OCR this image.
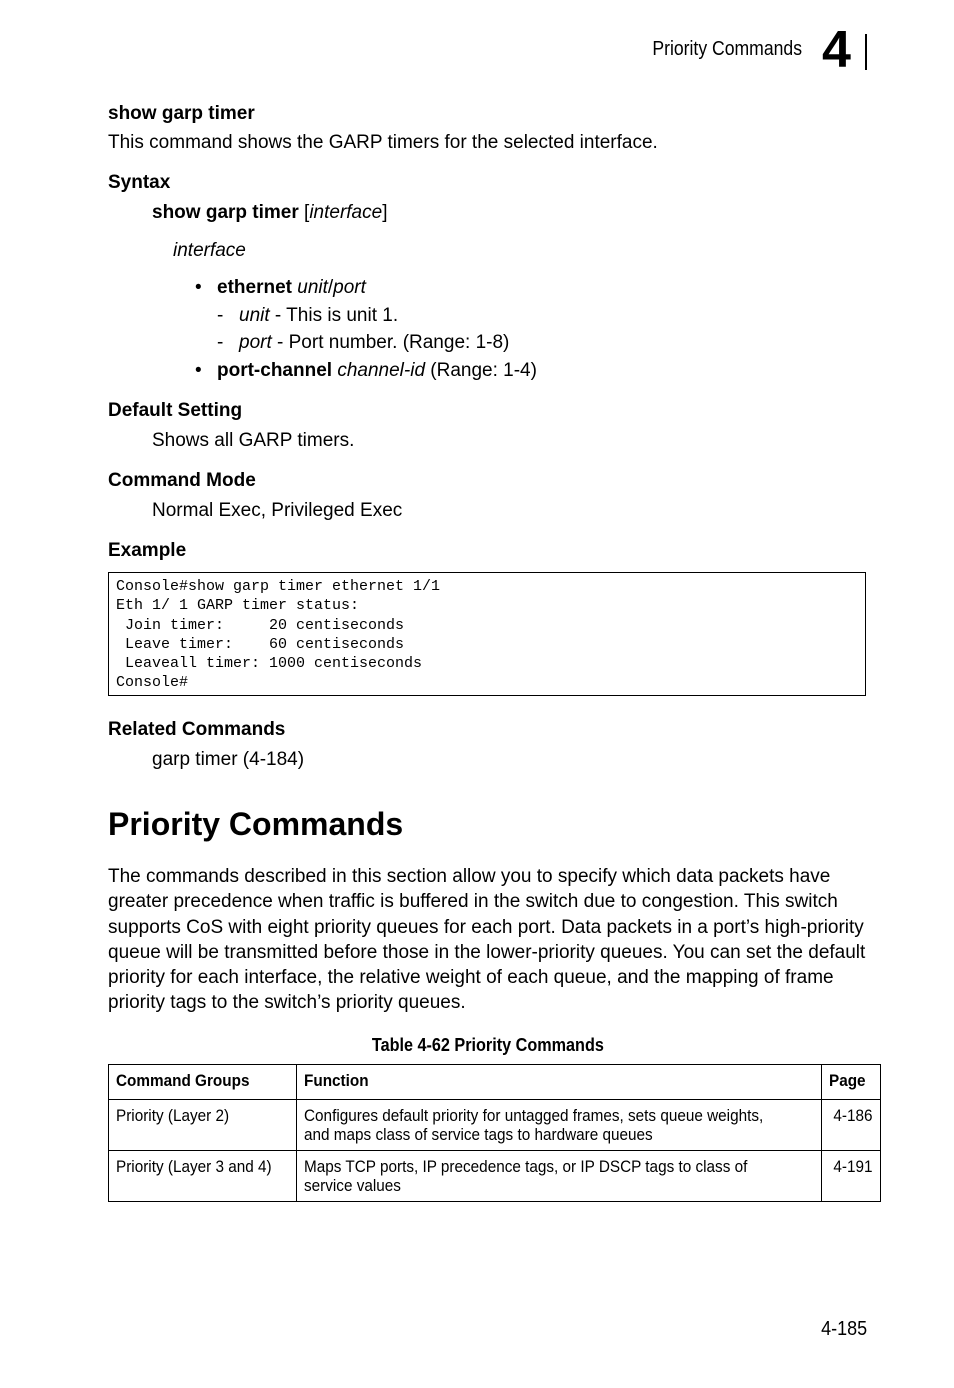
Priority Commands 4
show garp timer
This command shows the GARP timers for the selected interface.
Syntax
show garp timer [interface]
interface
• ethernet unit/port
- unit - This is unit 1.
- port - Port number. (Range: 1-8)
• port-channel channel-id (Range: 1-4)
Default Setting
Shows all GARP timers.
Command Mode
Normal Exec, Privileged Exec
Example
Console#show garp timer ethernet 1/1
Eth 1/ 1 GARP timer status:
Join timer:     20 centiseconds
Leave timer:    60 centiseconds
Leaveall timer: 1000 centiseconds
Console#
Related Commands
garp timer (4-184)
Priority Commands
The commands described in this section allow you to specify which data packets have greater precedence when traffic is buffered in the switch due to congestion. This switch supports CoS with eight priority queues for each port. Data packets in a port’s high-priority queue will be transmitted before those in the lower-priority queues. You can set the default priority for each interface, the relative weight of each queue, and the mapping of frame priority tags to the switch’s priority queues.
Table 4-62 Priority Commands
Command Groups	Function	Page
Priority (Layer 2)	Configures default priority for untagged frames, sets queue weights,
and maps class of service tags to hardware queues	4-186
Priority (Layer 3 and 4)	Maps TCP ports, IP precedence tags, or IP DSCP tags to class of
service values	4-191
4-185
